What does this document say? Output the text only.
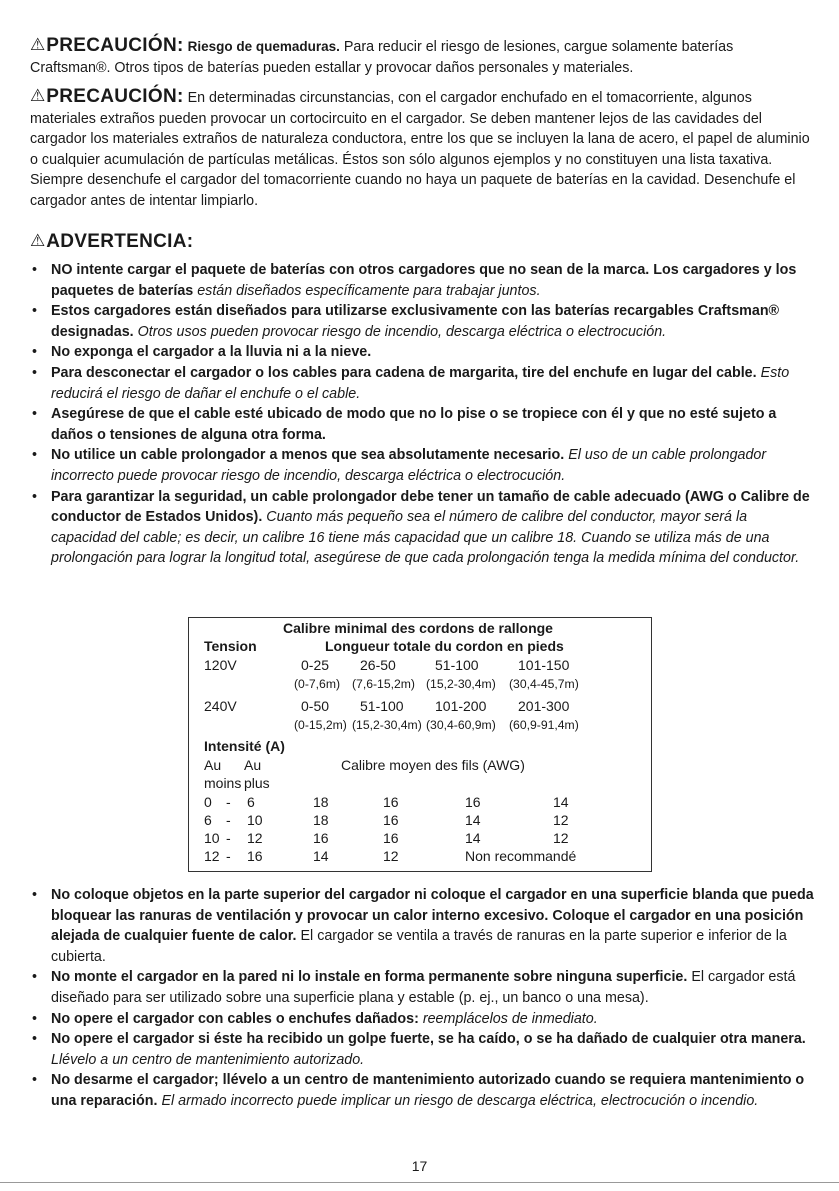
⚠PRECAUCIÓN: Riesgo de quemaduras. Para reducir el riesgo de lesiones, cargue solamente baterías Craftsman®. Otros tipos de baterías pueden estallar y provocar daños personales y materiales.

⚠PRECAUCIÓN: En determinadas circunstancias, con el cargador enchufado en el tomacorriente, algunos materiales extraños pueden provocar un cortocircuito en el cargador. Se deben mantener lejos de las cavidades del cargador los materiales extraños de naturaleza conductora, entre los que se incluyen la lana de acero, el papel de aluminio o cualquier acumulación de partículas metálicas. Éstos son sólo algunos ejemplos y no constituyen una lista taxativa. Siempre desenchufe el cargador del tomacorriente cuando no haya un paquete de baterías en la cavidad. Desenchufe el cargador antes de intentar limpiarlo.

⚠ADVERTENCIA:

• NO intente cargar el paquete de baterías con otros cargadores que no sean de la marca. Los cargadores y los paquetes de baterías están diseñados específicamente para trabajar juntos.
• Estos cargadores están diseñados para utilizarse exclusivamente con las baterías recargables Craftsman® designadas. Otros usos pueden provocar riesgo de incendio, descarga eléctrica o electrocución.
• No exponga el cargador a la lluvia ni a la nieve.
• Para desconectar el cargador o los cables para cadena de margarita, tire del enchufe en lugar del cable. Esto reducirá el riesgo de dañar el enchufe o el cable.
• Asegúrese de que el cable esté ubicado de modo que no lo pise o se tropiece con él y que no esté sujeto a daños o tensiones de alguna otra forma.
• No utilice un cable prolongador a menos que sea absolutamente necesario. El uso de un cable prolongador incorrecto puede provocar riesgo de incendio, descarga eléctrica o electrocución.
• Para garantizar la seguridad, un cable prolongador debe tener un tamaño de cable adecuado (AWG o Calibre de conductor de Estados Unidos). Cuanto más pequeño sea el número de calibre del conductor, mayor será la capacidad del cable; es decir, un calibre 16 tiene más capacidad que un calibre 18. Cuando se utiliza más de una prolongación para lograr la longitud total, asegúrese de que cada prolongación tenga la medida mínima del conductor.
Calibre minimal des cordons de rallonge
Tension	Longueur totale du cordon en pieds
120V	0-25 26-50	51-100	101-150
(0-7,6m) (7,6-15,2m) (15,2-30,4m) (30,4-45,7m)
240V	0-50 51-100 101-200 201-300
(0-15,2m) (15,2-30,4m) (30,4-60,9m) (60,9-91,4m)
Intensité (A)
Au Au	Calibre moyen des fils (AWG)
moins plus
0 - 6	18	16	16	14
6 - 10	18	16	14	12
10 - 12	16	16	14	12
12 - 16	14	12	Non recommandé
• No coloque objetos en la parte superior del cargador ni coloque el cargador en una superficie blanda que pueda bloquear las ranuras de ventilación y provocar un calor interno excesivo. Coloque el cargador en una posición alejada de cualquier fuente de calor. El cargador se ventila a través de ranuras en la parte superior e inferior de la cubierta.
• No monte el cargador en la pared ni lo instale en forma permanente sobre ninguna superficie. El cargador está diseñado para ser utilizado sobre una superficie plana y estable (p. ej., un banco o una mesa).
• No opere el cargador con cables o enchufes dañados: reemplácelos de inmediato.
• No opere el cargador si éste ha recibido un golpe fuerte, se ha caído, o se ha dañado de cualquier otra manera. Llévelo a un centro de mantenimiento autorizado.
• No desarme el cargador; llévelo a un centro de mantenimiento autorizado cuando se requiera mantenimiento o una reparación. El armado incorrecto puede implicar un riesgo de descarga eléctrica, electrocución o incendio.
17
